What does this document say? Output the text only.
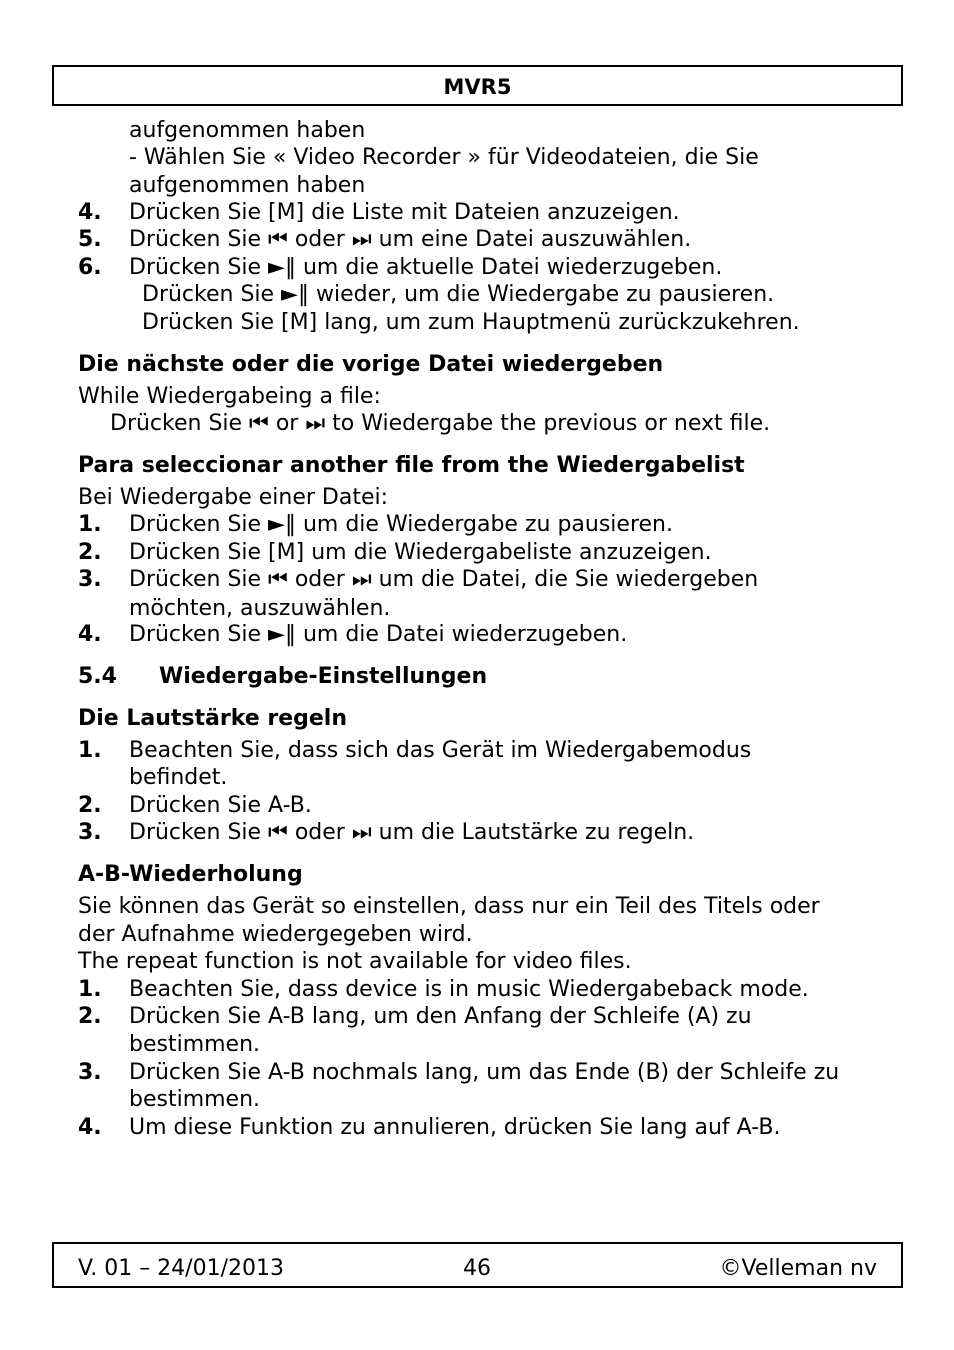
MVR5
aufgenommen haben
- Wählen Sie « Video Recorder » für Videodateien, die Sie
aufgenommen haben
4. Drücken Sie [M] die Liste mit Dateien anzuzeigen.
5. Drücken Sie ⏮ oder ⏭ um eine Datei auszuwählen.
6. Drücken Sie ►‖ um die aktuelle Datei wiederzugeben.
Drücken Sie ►‖ wieder, um die Wiedergabe zu pausieren.
Drücken Sie [M] lang, um zum Hauptmenü zurückzukehren.
Die nächste oder die vorige Datei wiedergeben
While Wiedergabeing a file:
Drücken Sie ⏮ or ⏭ to Wiedergabe the previous or next file.
Para seleccionar another file from the Wiedergabelist
Bei Wiedergabe einer Datei:
1. Drücken Sie ►‖ um die Wiedergabe zu pausieren.
2. Drücken Sie [M] um die Wiedergabeliste anzuzeigen.
3. Drücken Sie ⏮ oder ⏭ um die Datei, die Sie wiedergeben
möchten, auszuwählen.
4. Drücken Sie ►‖ um die Datei wiederzugeben.
5.4 Wiedergabe-Einstellungen
Die Lautstärke regeln
1. Beachten Sie, dass sich das Gerät im Wiedergabemodus
befindet.
2. Drücken Sie A-B.
3. Drücken Sie ⏮ oder ⏭ um die Lautstärke zu regeln.
A-B-Wiederholung
Sie können das Gerät so einstellen, dass nur ein Teil des Titels oder
der Aufnahme wiedergegeben wird.
The repeat function is not available for video files.
1. Beachten Sie, dass device is in music Wiedergabeback mode.
2. Drücken Sie A-B lang, um den Anfang der Schleife (A) zu
bestimmen.
3. Drücken Sie A-B nochmals lang, um das Ende (B) der Schleife zu
bestimmen.
4. Um diese Funktion zu annulieren, drücken Sie lang auf A-B.
V. 01 – 24/01/2013	46	©Velleman nv
